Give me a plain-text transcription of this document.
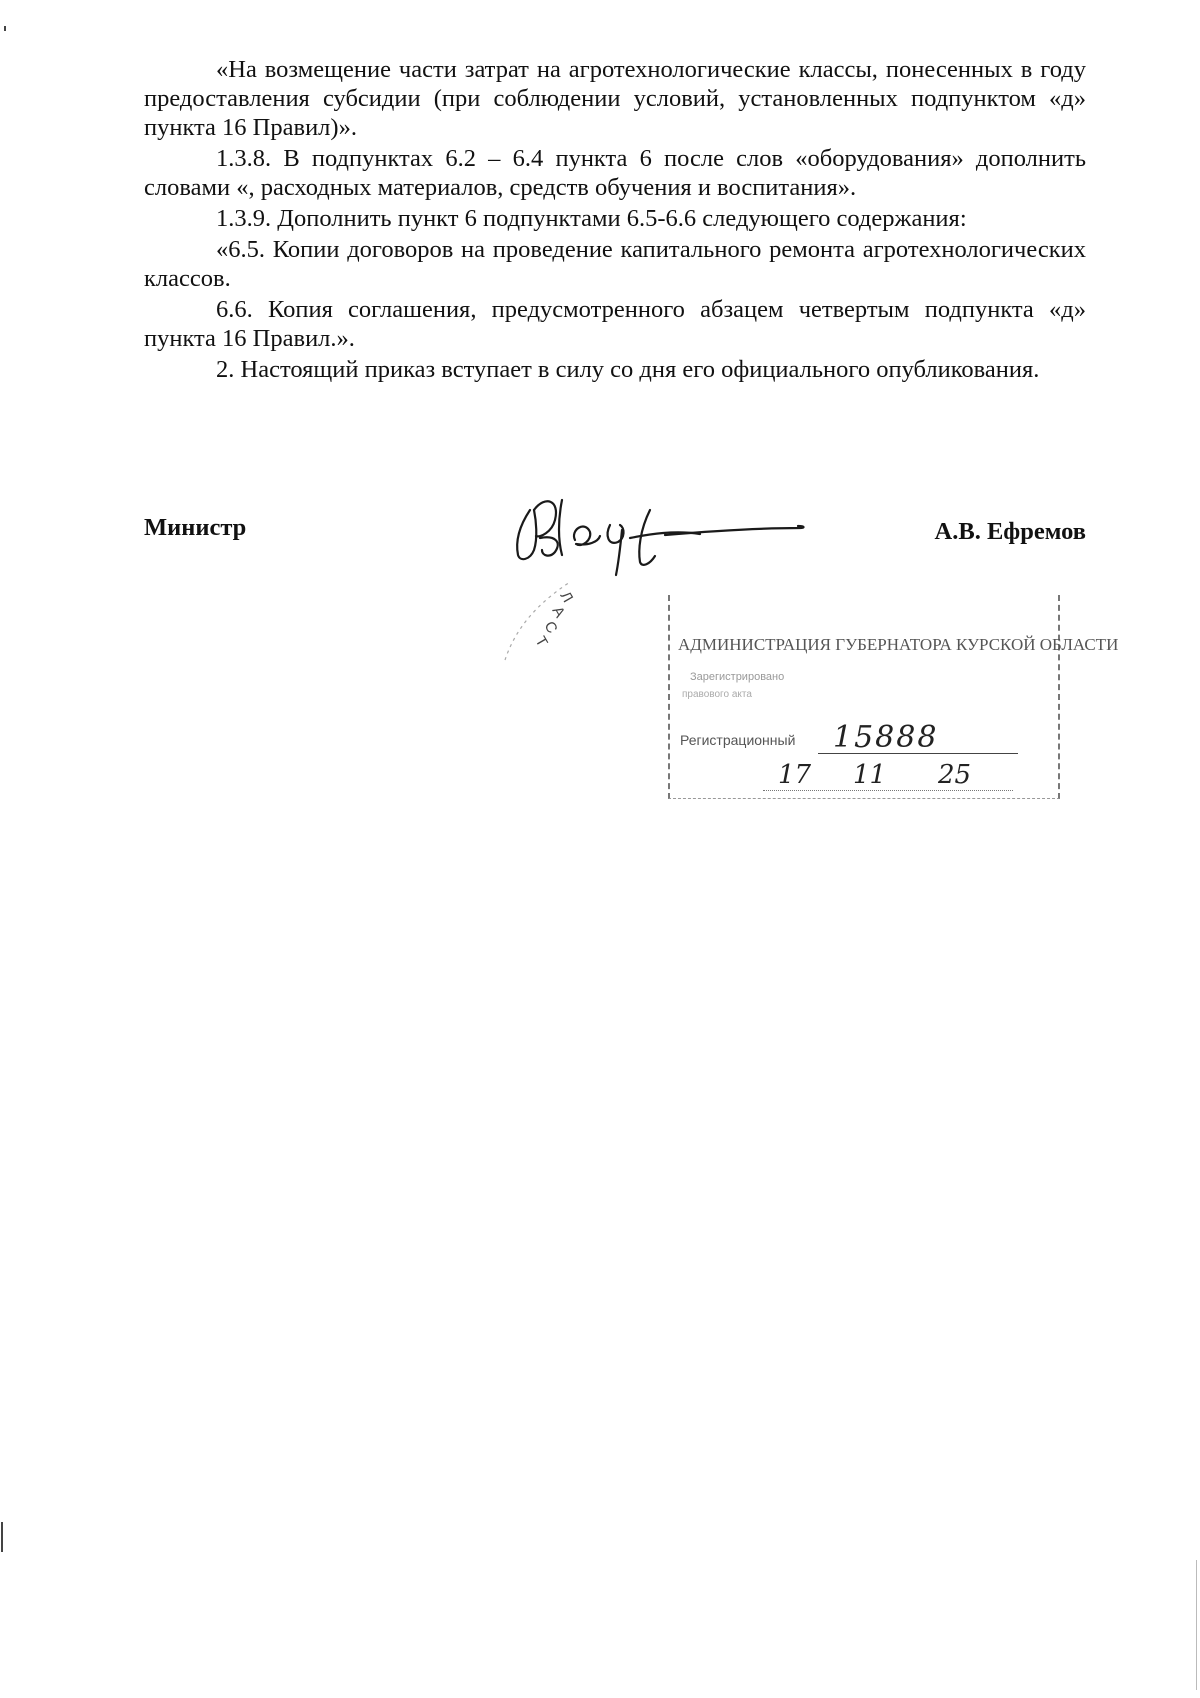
«На возмещение части затрат на агротехнологические классы, понесенных в году предоставления субсидии (при соблюдении условий, установленных подпунктом «д» пункта 16 Правил)».

1.3.8. В подпунктах 6.2 – 6.4 пункта 6 после слов «оборудования» дополнить словами «, расходных материалов, средств обучения и воспитания».

1.3.9. Дополнить пункт 6 подпунктами 6.5-6.6 следующего содержания:

«6.5. Копии договоров на проведение капитального ремонта агротехнологических классов.

6.6. Копия соглашения, предусмотренного абзацем четвертым подпункта «д» пункта 16 Правил.».

2. Настоящий приказ вступает в силу со дня его официального опубликования.

Министр	А.В. Ефремов
Л
А
С
Т	АДМИНИСТРАЦИЯ ГУБЕРНАТОРА КУРСКОЙ ОБЛАСТИ
Зарегистрировано
правового акта
Регистрационный 15888
17 11 25
